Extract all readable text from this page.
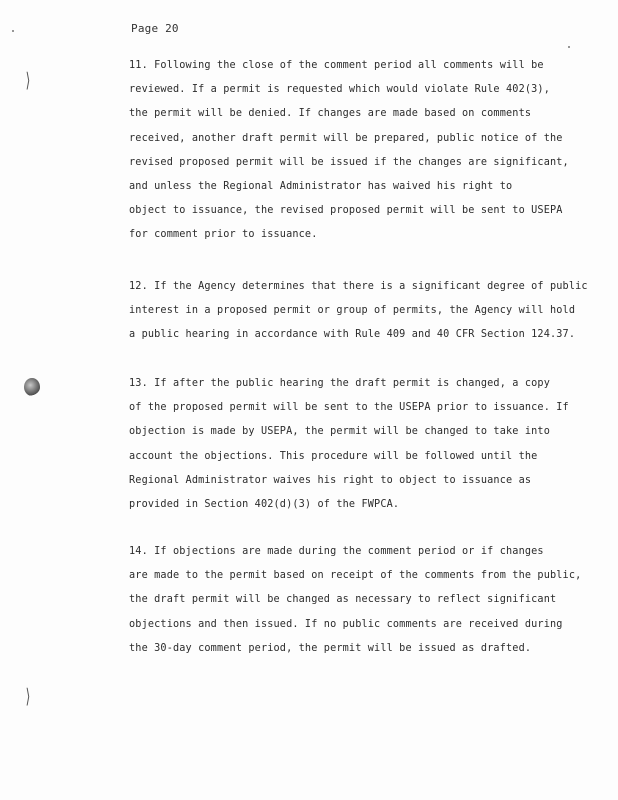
Page 20
⟩
⟩
11. Following the close of the comment period all comments will be
reviewed. If a permit is requested which would violate Rule 402(3),
the permit will be denied. If changes are made based on comments
received, another draft permit will be prepared, public notice of the
revised proposed permit will be issued if the changes are significant,
and unless the Regional Administrator has waived his right to
object to issuance, the revised proposed permit will be sent to USEPA
for comment prior to issuance.
12. If the Agency determines that there is a significant degree of public
interest in a proposed permit or group of permits, the Agency will hold
a public hearing in accordance with Rule 409 and 40 CFR Section 124.37.
13. If after the public hearing the draft permit is changed, a copy
of the proposed permit will be sent to the USEPA prior to issuance. If
objection is made by USEPA, the permit will be changed to take into
account the objections. This procedure will be followed until the
Regional Administrator waives his right to object to issuance as
provided in Section 402(d)(3) of the FWPCA.
14. If objections are made during the comment period or if changes
are made to the permit based on receipt of the comments from the public,
the draft permit will be changed as necessary to reflect significant
objections and then issued. If no public comments are received during
the 30-day comment period, the permit will be issued as drafted.
